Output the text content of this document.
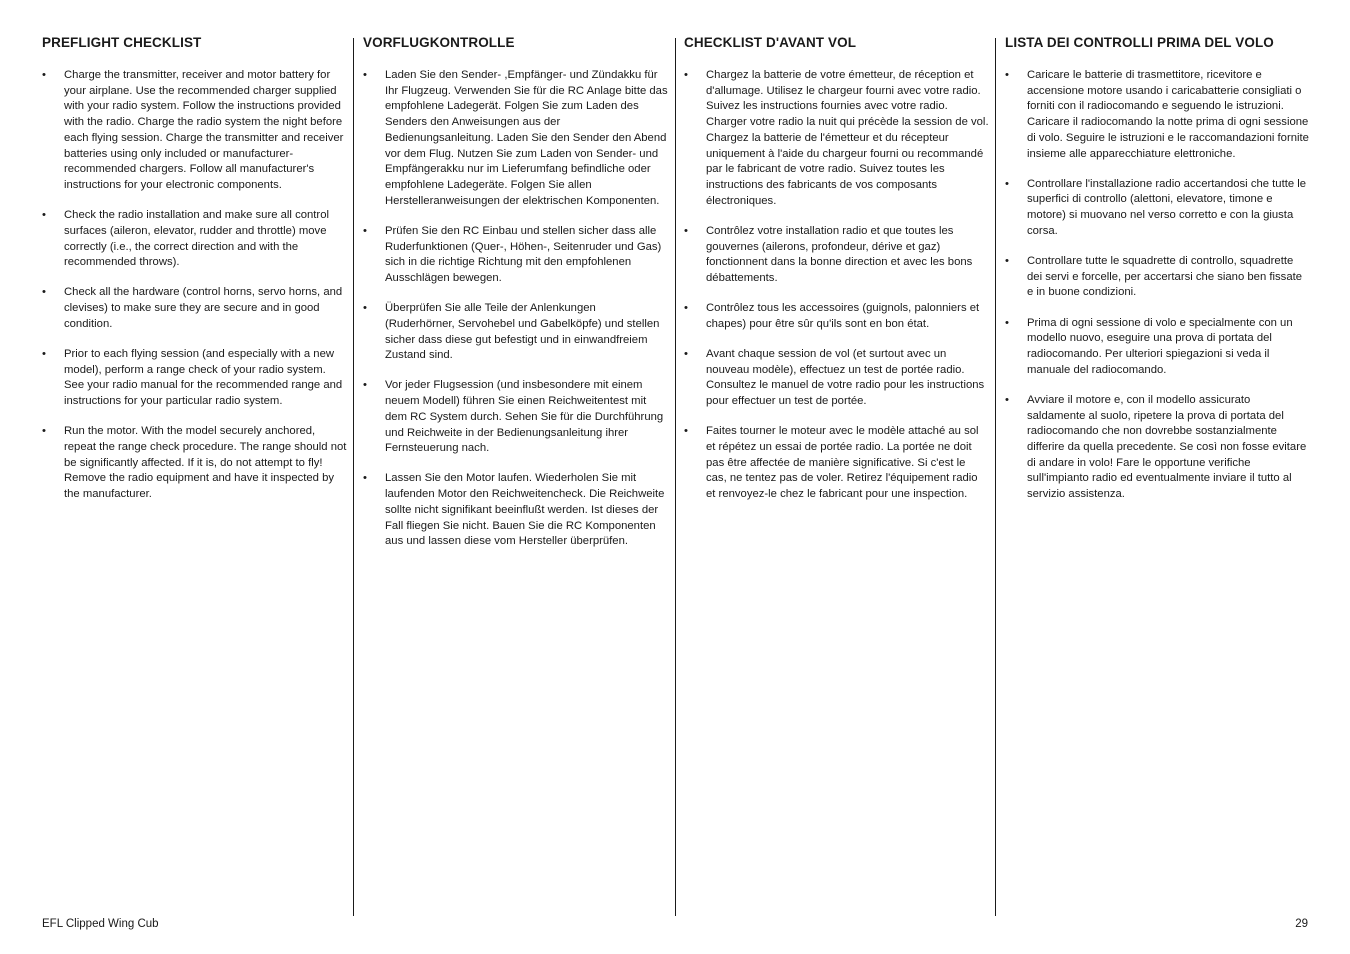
PREFLIGHT CHECKLIST
• Charge the transmitter, receiver and motor battery for your airplane. Use the recommended charger supplied with your radio system. Follow the instructions provided with the radio. Charge the radio system the night before each flying session. Charge the transmitter and receiver batteries using only included or manufacturer-recommended chargers. Follow all manufacturer's instructions for your electronic components.
• Check the radio installation and make sure all control surfaces (aileron, elevator, rudder and throttle) move correctly (i.e., the correct direction and with the recommended throws).
• Check all the hardware (control horns, servo horns, and clevises) to make sure they are secure and in good condition.
• Prior to each flying session (and especially with a new model), perform a range check of your radio system. See your radio manual for the recommended range and instructions for your particular radio system.
• Run the motor. With the model securely anchored, repeat the range check procedure. The range should not be significantly affected. If it is, do not attempt to fly! Remove the radio equipment and have it inspected by the manufacturer.
VORFLUGKONTROLLE
• Laden Sie den Sender- ,Empfänger- und Zündakku für Ihr Flugzeug. Verwenden Sie für die RC Anlage bitte das empfohlene Ladegerät. Folgen Sie zum Laden des Senders den Anweisungen aus der Bedienungsanleitung. Laden Sie den Sender den Abend vor dem Flug. Nutzen Sie zum Laden von Sender- und Empfängerakku nur im Lieferumfang befindliche oder empfohlene Ladegeräte. Folgen Sie allen Herstelleranweisungen der elektrischen Komponenten.
• Prüfen Sie den RC Einbau und stellen sicher dass alle Ruderfunktionen (Quer-, Höhen-, Seitenruder und Gas) sich in die richtige Richtung mit den empfohlenen Ausschlägen bewegen.
• Überprüfen Sie alle Teile der Anlenkungen (Ruderhörner, Servohebel und Gabelköpfe) und stellen sicher dass diese gut befestigt und in einwandfreiem Zustand sind.
• Vor jeder Flugsession (und insbesondere mit einem neuem Modell) führen Sie einen Reichweitentest mit dem RC System durch. Sehen Sie für die Durchführung und Reichweite in der Bedienungsanleitung ihrer Fernsteuerung nach.
• Lassen Sie den Motor laufen. Wiederholen Sie mit laufenden Motor den Reichweitencheck. Die Reichweite sollte nicht signifikant beeinflußt werden. Ist dieses der Fall fliegen Sie nicht. Bauen Sie die RC Komponenten aus und lassen diese vom Hersteller überprüfen.
CHECKLIST D'AVANT VOL
• Chargez la batterie de votre émetteur, de réception et d'allumage. Utilisez le chargeur fourni avec votre radio. Suivez les instructions fournies avec votre radio. Charger votre radio la nuit qui précède la session de vol. Chargez la batterie de l'émetteur et du récepteur uniquement à l'aide du chargeur fourni ou recommandé par le fabricant de votre radio. Suivez toutes les instructions des fabricants de vos composants électroniques.
• Contrôlez votre installation radio et que toutes les gouvernes (ailerons, profondeur, dérive et gaz) fonctionnent dans la bonne direction et avec les bons débattements.
• Contrôlez tous les accessoires (guignols, palonniers et chapes) pour être sûr qu'ils sont en bon état.
• Avant chaque session de vol (et surtout avec un nouveau modèle), effectuez un test de portée radio. Consultez le manuel de votre radio pour les instructions pour effectuer un test de portée.
• Faites tourner le moteur avec le modèle attaché au sol et répétez un essai de portée radio. La portée ne doit pas être affectée de manière significative. Si c'est le cas, ne tentez pas de voler. Retirez l'équipement radio et renvoyez-le chez le fabricant pour une inspection.
LISTA DEI CONTROLLI PRIMA DEL VOLO
• Caricare le batterie di trasmettitore, ricevitore e accensione motore usando i caricabatterie consigliati o forniti con il radiocomando e seguendo le istruzioni. Caricare il radiocomando la notte prima di ogni sessione di volo. Seguire le istruzioni e le raccomandazioni fornite insieme alle apparecchiature elettroniche.
• Controllare l'installazione radio accertandosi che tutte le superfici di controllo (alettoni, elevatore, timone e motore) si muovano nel verso corretto e con la giusta corsa.
• Controllare tutte le squadrette di controllo, squadrette dei servi e forcelle, per accertarsi che siano ben fissate e in buone condizioni.
• Prima di ogni sessione di volo e specialmente con un modello nuovo, eseguire una prova di portata del radiocomando. Per ulteriori spiegazioni si veda il manuale del radiocomando.
• Avviare il motore e, con il modello assicurato saldamente al suolo, ripetere la prova di portata del radiocomando che non dovrebbe sostanzialmente differire da quella precedente. Se così non fosse evitare di andare in volo! Fare le opportune verifiche sull'impianto radio ed eventualmente inviare il tutto al servizio assistenza.
EFL Clipped Wing Cub	29
